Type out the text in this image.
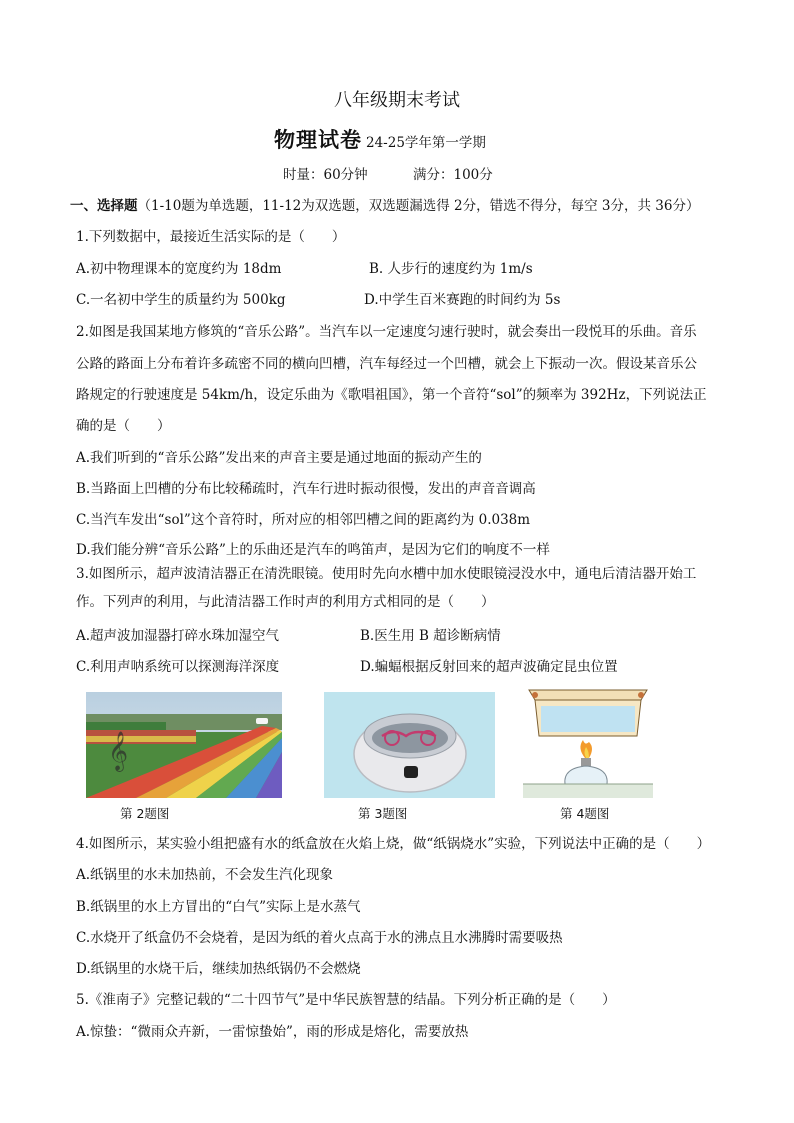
八年级期末考试
物理试卷 24-25学年第一学期
时量：60分钟	满分：100分
一、选择题（1-10题为单选题，11-12为双选题，双选题漏选得 2分，错选不得分，每空 3分，共 36分）
1.下列数据中，最接近生活实际的是（　　）
A.初中物理课本的宽度约为 18dm	B. 人步行的速度约为 1m/s
C.一名初中学生的质量约为 500kg	D.中学生百米赛跑的时间约为 5s
2.如图是我国某地方修筑的“音乐公路”。当汽车以一定速度匀速行驶时，就会奏出一段悦耳的乐曲。音乐
公路的路面上分布着许多疏密不同的横向凹槽，汽车每经过一个凹槽，就会上下振动一次。假设某音乐公
路规定的行驶速度是 54km/h，设定乐曲为《歌唱祖国》，第一个音符“sol”的频率为 392Hz，下列说法正
确的是（　　）
A.我们听到的“音乐公路”发出来的声音主要是通过地面的振动产生的
B.当路面上凹槽的分布比较稀疏时，汽车行进时振动很慢，发出的声音音调高
C.当汽车发出“sol”这个音符时，所对应的相邻凹槽之间的距离约为 0.038m
D.我们能分辨“音乐公路”上的乐曲还是汽车的鸣笛声，是因为它们的响度不一样
3.如图所示，超声波清洁器正在清洗眼镜。使用时先向水槽中加水使眼镜浸没水中，通电后清洁器开始工
作。下列声的利用，与此清洁器工作时声的利用方式相同的是（　　）
A.超声波加湿器打碎水珠加湿空气	B.医生用 B 超诊断病情
C.利用声呐系统可以探测海洋深度	D.蝙蝠根据反射回来的超声波确定昆虫位置
𝄞
第 2题图	第 3题图	第 4题图
4.如图所示，某实验小组把盛有水的纸盒放在火焰上烧，做“纸锅烧水”实验，下列说法中正确的是（　　）
A.纸锅里的水未加热前，不会发生汽化现象
B.纸锅里的水上方冒出的“白气”实际上是水蒸气
C.水烧开了纸盒仍不会烧着，是因为纸的着火点高于水的沸点且水沸腾时需要吸热
D.纸锅里的水烧干后，继续加热纸锅仍不会燃烧
5.《淮南子》完整记载的“二十四节气”是中华民族智慧的结晶。下列分析正确的是（　　）
A.惊蛰：“微雨众卉新，一雷惊蛰始”，雨的形成是熔化，需要放热
